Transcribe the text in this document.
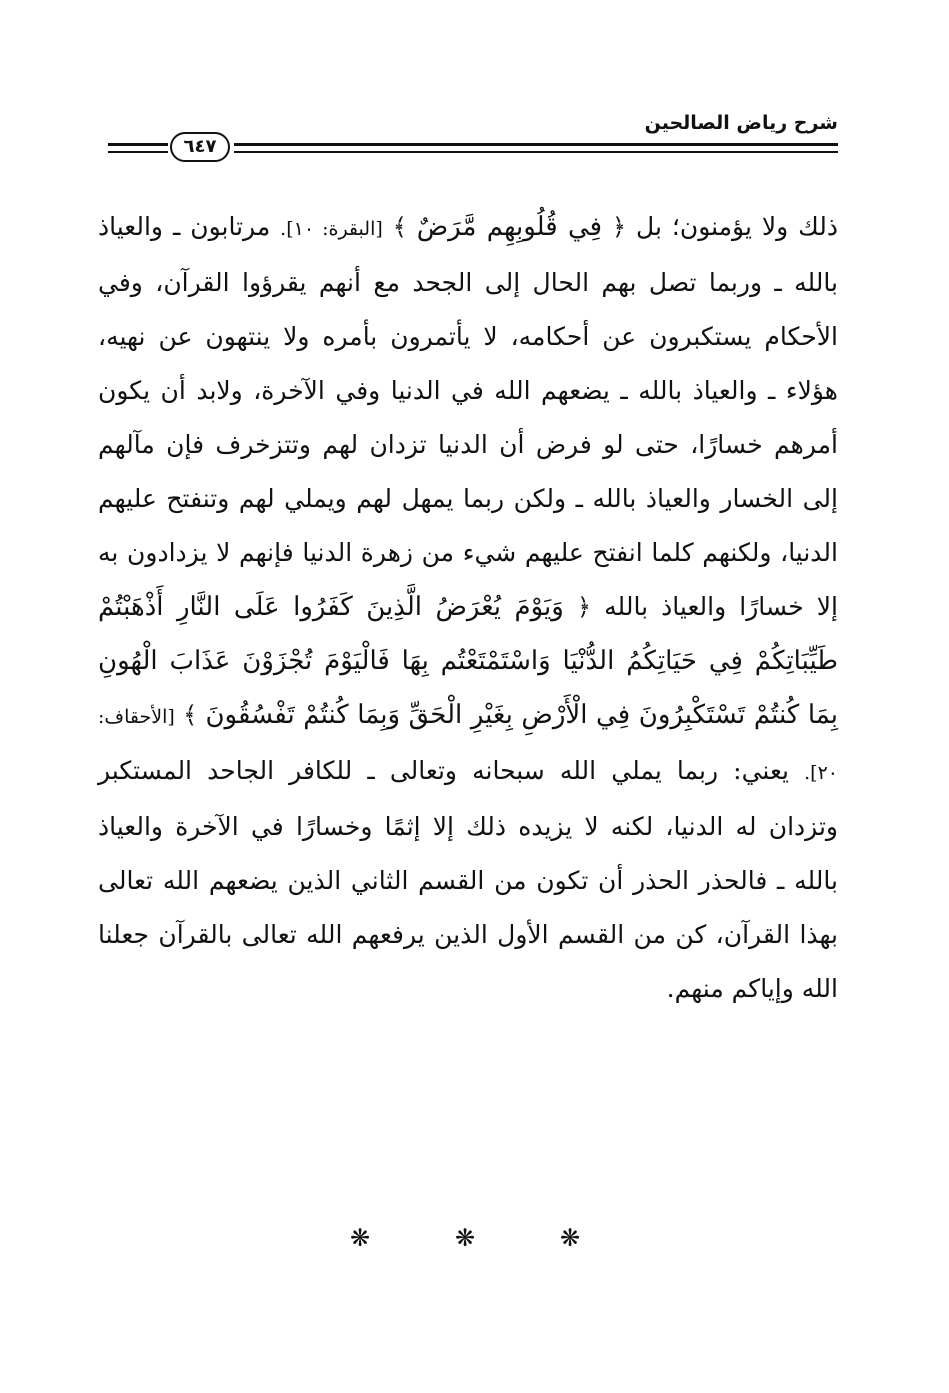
شرح رياض الصالحين
٦٤٧
ذلك ولا يؤمنون؛ بل ﴿ فِي قُلُوبِهِم مَّرَضٌ ﴾ [البقرة: ١٠]. مرتابون ـ والعياذ بالله ـ وربما تصل بهم الحال إلى الجحد مع أنهم يقرؤوا القرآن، وفي الأحكام يستكبرون عن أحكامه، لا يأتمرون بأمره ولا ينتهون عن نهيه، هؤلاء ـ والعياذ بالله ـ يضعهم الله في الدنيا وفي الآخرة، ولابد أن يكون أمرهم خسارًا، حتى لو فرض أن الدنيا تزدان لهم وتتزخرف فإن مآلهم إلى الخسار والعياذ بالله ـ ولكن ربما يمهل لهم ويملي لهم وتنفتح عليهم الدنيا، ولكنهم كلما انفتح عليهم شيء من زهرة الدنيا فإنهم لا يزدادون به إلا خسارًا والعياذ بالله ﴿ وَيَوْمَ يُعْرَضُ الَّذِينَ كَفَرُوا عَلَى النَّارِ أَذْهَبْتُمْ طَيِّبَاتِكُمْ فِي حَيَاتِكُمُ الدُّنْيَا وَاسْتَمْتَعْتُم بِهَا فَالْيَوْمَ تُجْزَوْنَ عَذَابَ الْهُونِ بِمَا كُنتُمْ تَسْتَكْبِرُونَ فِي الْأَرْضِ بِغَيْرِ الْحَقِّ وَبِمَا كُنتُمْ تَفْسُقُونَ ﴾ [الأحقاف: ٢٠]. يعني: ربما يملي الله سبحانه وتعالى ـ للكافر الجاحد المستكبر وتزدان له الدنيا، لكنه لا يزيده ذلك إلا إثمًا وخسارًا في الآخرة والعياذ بالله ـ فالحذر الحذر أن تكون من القسم الثاني الذين يضعهم الله تعالى بهذا القرآن، كن من القسم الأول الذين يرفعهم الله تعالى بالقرآن جعلنا الله وإياكم منهم.
❋	❋	❋
